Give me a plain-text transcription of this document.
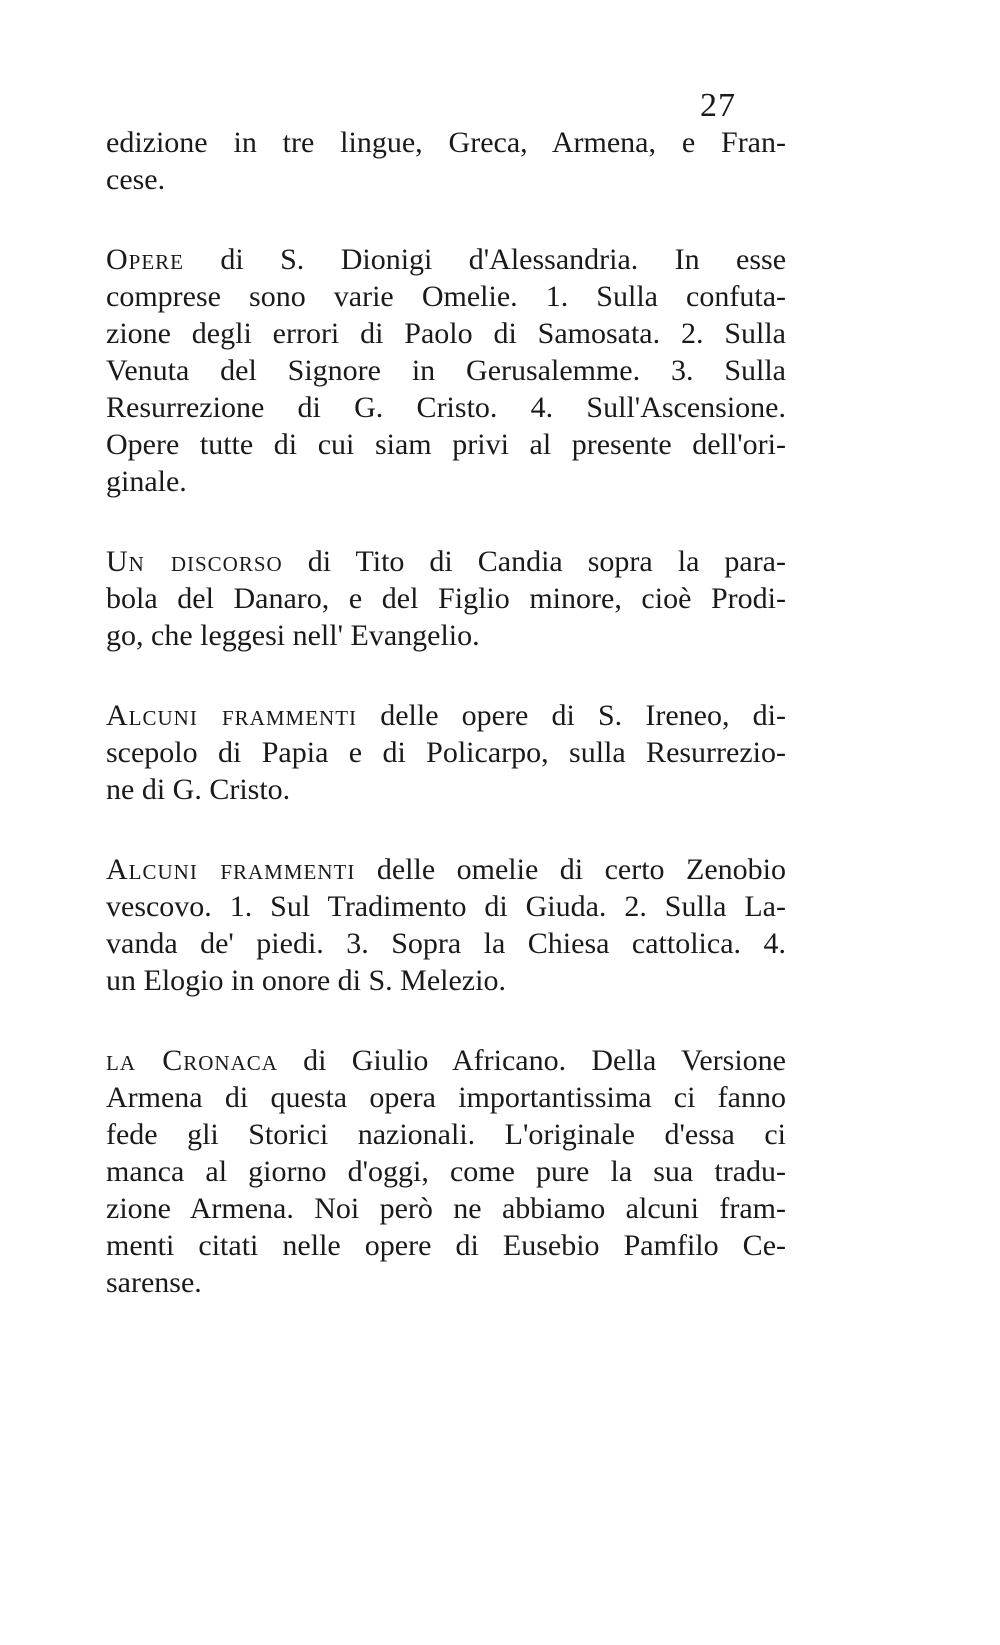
27

edizione in tre lingue, Greca, Armena, e Fran-
cese.

Opere di S. Dionigi d'Alessandria. In esse
comprese sono varie Omelie. 1. Sulla confuta-
zione degli errori di Paolo di Samosata. 2. Sulla
Venuta del Signore in Gerusalemme. 3. Sulla
Resurrezione di G. Cristo. 4. Sull'Ascensione.
Opere tutte di cui siam privi al presente dell'ori-
ginale.

Un discorso di Tito di Candia sopra la para-
bola del Danaro, e del Figlio minore, cioè Prodi-
go, che leggesi nell' Evangelio.

Alcuni frammenti delle opere di S. Ireneo, di-
scepolo di Papia e di Policarpo, sulla Resurrezio-
ne di G. Cristo.

Alcuni frammenti delle omelie di certo Zenobio
vescovo. 1. Sul Tradimento di Giuda. 2. Sulla La-
vanda de' piedi. 3. Sopra la Chiesa cattolica. 4.
un Elogio in onore di S. Melezio.

la Cronaca di Giulio Africano. Della Versione
Armena di questa opera importantissima ci fanno
fede gli Storici nazionali. L'originale d'essa ci
manca al giorno d'oggi, come pure la sua tradu-
zione Armena. Noi però ne abbiamo alcuni fram-
menti citati nelle opere di Eusebio Pamfilo Ce-
sarense.
